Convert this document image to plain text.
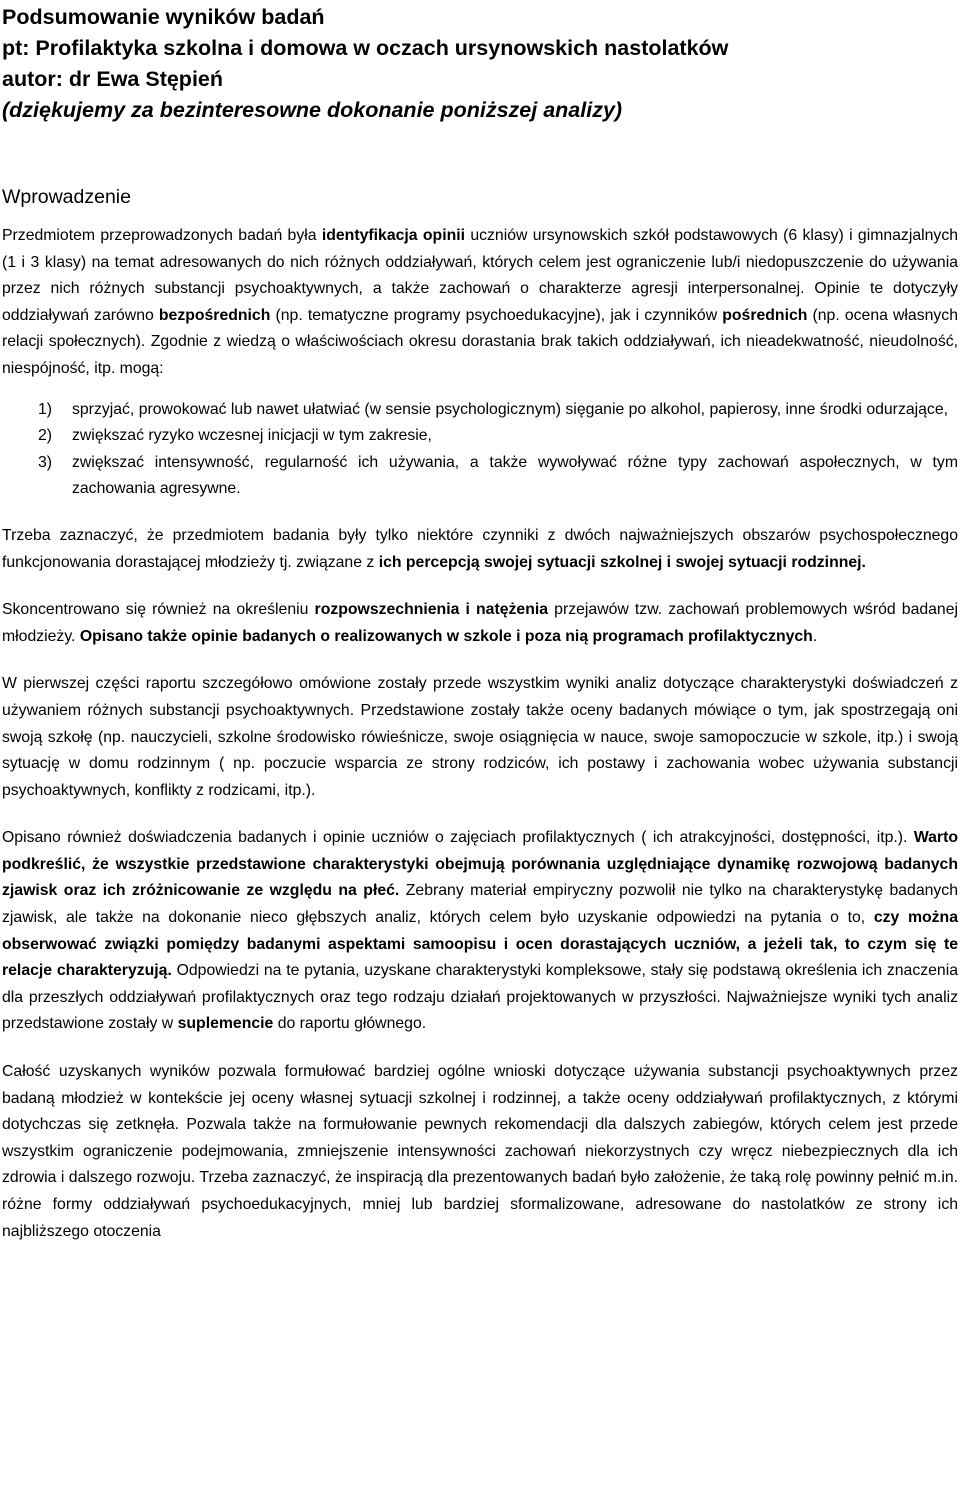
Podsumowanie wyników badań
pt: Profilaktyka szkolna i domowa w oczach ursynowskich nastolatków
autor: dr Ewa Stępień
(dziękujemy za bezinteresowne dokonanie poniższej analizy)
Wprowadzenie

Przedmiotem przeprowadzonych badań była identyfikacja opinii uczniów ursynowskich szkół podstawowych (6 klasy) i gimnazjalnych (1 i 3 klasy) na temat adresowanych do nich różnych oddziaływań, których celem jest ograniczenie lub/i niedopuszczenie do używania przez nich różnych substancji psychoaktywnych, a także zachowań o charakterze agresji interpersonalnej. Opinie te dotyczyły oddziaływań zarówno bezpośrednich (np. tematyczne programy psychoedukacyjne), jak i czynników pośrednich (np. ocena własnych relacji społecznych). Zgodnie z wiedzą o właściwościach okresu dorastania brak takich oddziaływań, ich nieadekwatność, nieudolność, niespójność, itp. mogą:

1)	sprzyjać, prowokować lub nawet ułatwiać (w sensie psychologicznym) sięganie po alkohol, papierosy, inne środki odurzające,
2)	zwiększać ryzyko wczesnej inicjacji w tym zakresie,
3)	zwiększać intensywność, regularność ich używania, a także wywoływać różne typy zachowań aspołecznych, w tym zachowania agresywne.

Trzeba zaznaczyć, że przedmiotem badania były tylko niektóre czynniki z dwóch najważniejszych obszarów psychospołecznego funkcjonowania dorastającej młodzieży tj. związane z ich percepcją swojej sytuacji szkolnej i swojej sytuacji rodzinnej.

Skoncentrowano się również na określeniu rozpowszechnienia i natężenia przejawów tzw. zachowań problemowych wśród badanej młodzieży. Opisano także opinie badanych o realizowanych w szkole i poza nią programach profilaktycznych.

W pierwszej części raportu szczegółowo omówione zostały przede wszystkim wyniki analiz dotyczące charakterystyki doświadczeń z używaniem różnych substancji psychoaktywnych. Przedstawione zostały także oceny badanych mówiące o tym, jak spostrzegają oni swoją szkołę (np. nauczycieli, szkolne środowisko rówieśnicze, swoje osiągnięcia w nauce, swoje samopoczucie w szkole, itp.) i swoją sytuację w domu rodzinnym ( np. poczucie wsparcia ze strony rodziców, ich postawy i zachowania wobec używania substancji psychoaktywnych, konflikty z rodzicami, itp.).

Opisano również doświadczenia badanych i opinie uczniów o zajęciach profilaktycznych ( ich atrakcyjności, dostępności, itp.). Warto podkreślić, że wszystkie przedstawione charakterystyki obejmują porównania uzględniające dynamikę rozwojową badanych zjawisk oraz ich zróżnicowanie ze względu na płeć. Zebrany materiał empiryczny pozwolił nie tylko na charakterystykę badanych zjawisk, ale także na dokonanie nieco głębszych analiz, których celem było uzyskanie odpowiedzi na pytania o to, czy można obserwować związki pomiędzy badanymi aspektami samoopisu i ocen dorastających uczniów, a jeżeli tak, to czym się te relacje charakteryzują. Odpowiedzi na te pytania, uzyskane charakterystyki kompleksowe, stały się podstawą określenia ich znaczenia dla przeszłych oddziaływań profilaktycznych oraz tego rodzaju działań projektowanych w przyszłości. Najważniejsze wyniki tych analiz przedstawione zostały w suplemencie do raportu głównego.

Całość uzyskanych wyników pozwala formułować bardziej ogólne wnioski dotyczące używania substancji psychoaktywnych przez badaną młodzież w kontekście jej oceny własnej sytuacji szkolnej i rodzinnej, a także oceny oddziaływań profilaktycznych, z którymi dotychczas się zetknęła. Pozwala także na formułowanie pewnych rekomendacji dla dalszych zabiegów, których celem jest przede wszystkim ograniczenie podejmowania, zmniejszenie intensywności zachowań niekorzystnych czy wręcz niebezpiecznych dla ich zdrowia i dalszego rozwoju. Trzeba zaznaczyć, że inspiracją dla prezentowanych badań było założenie, że taką rolę powinny pełnić m.in. różne formy oddziaływań psychoedukacyjnych, mniej lub bardziej sformalizowane, adresowane do nastolatków ze strony ich najbliższego otoczenia
